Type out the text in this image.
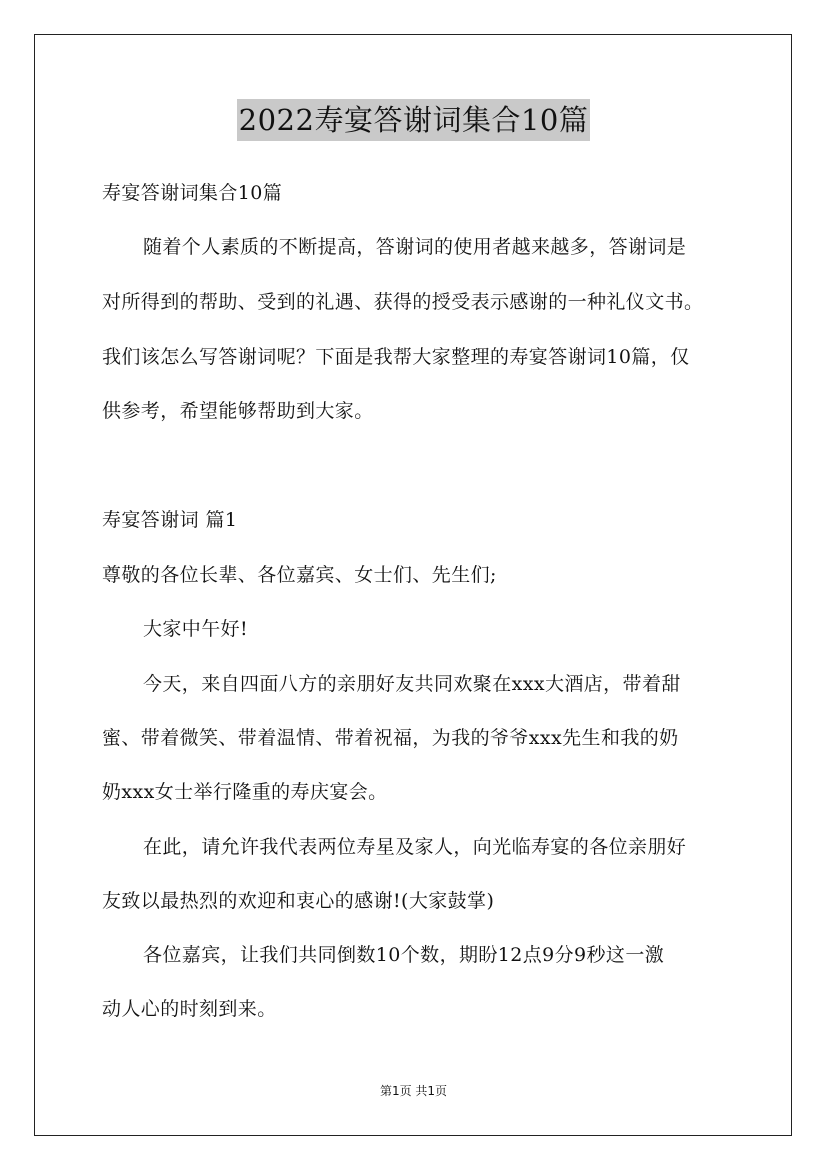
2022寿宴答谢词集合10篇
寿宴答谢词集合10篇
随着个人素质的不断提高，答谢词的使用者越来越多，答谢词是
对所得到的帮助、受到的礼遇、获得的授受表示感谢的一种礼仪文书。
我们该怎么写答谢词呢？下面是我帮大家整理的寿宴答谢词10篇，仅
供参考，希望能够帮助到大家。
寿宴答谢词 篇1
尊敬的各位长辈、各位嘉宾、女士们、先生们;
大家中午好!
今天，来自四面八方的亲朋好友共同欢聚在xxx大酒店，带着甜
蜜、带着微笑、带着温情、带着祝福，为我的爷爷xxx先生和我的奶
奶xxx女士举行隆重的寿庆宴会。
在此，请允许我代表两位寿星及家人，向光临寿宴的各位亲朋好
友致以最热烈的欢迎和衷心的感谢!(大家鼓掌)
各位嘉宾，让我们共同倒数10个数，期盼12点9分9秒这一激
动人心的时刻到来。
第1页 共1页
